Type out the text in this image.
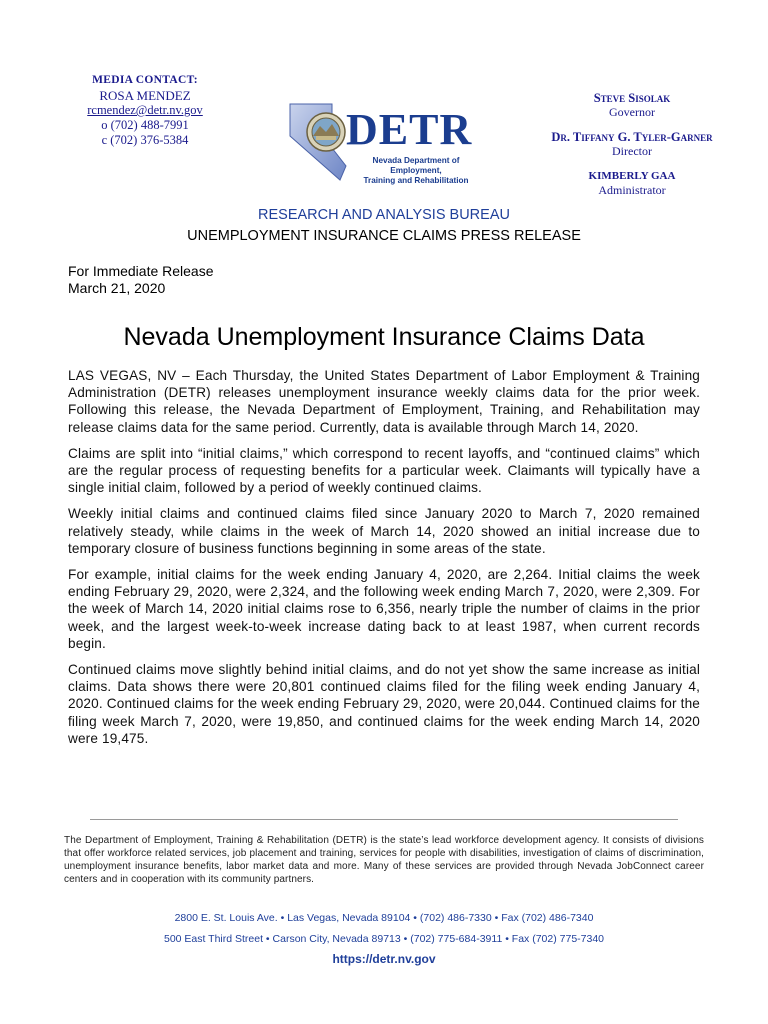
MEDIA CONTACT:
ROSA MENDEZ
rcmendez@detr.nv.gov
o (702) 488-7991
c (702) 376-5384	DETR
Nevada Department of Employment,
Training and Rehabilitation
Steve Sisolak
Governor
Dr. Tiffany G. Tyler-Garner
Director
KIMBERLY GAA
Administrator
RESEARCH AND ANALYSIS BUREAU
UNEMPLOYMENT INSURANCE CLAIMS PRESS RELEASE
For Immediate Release
March 21, 2020
Nevada Unemployment Insurance Claims Data

LAS VEGAS, NV – Each Thursday, the United States Department of Labor Employment & Training Administration (DETR) releases unemployment insurance weekly claims data for the prior week. Following this release, the Nevada Department of Employment, Training, and Rehabilitation may release claims data for the same period. Currently, data is available through March 14, 2020.

Claims are split into “initial claims,” which correspond to recent layoffs, and “continued claims” which are the regular process of requesting benefits for a particular week. Claimants will typically have a single initial claim, followed by a period of weekly continued claims.

Weekly initial claims and continued claims filed since January 2020 to March 7, 2020 remained relatively steady, while claims in the week of March 14, 2020 showed an initial increase due to temporary closure of business functions beginning in some areas of the state.

For example, initial claims for the week ending January 4, 2020, are 2,264. Initial claims the week ending February 29, 2020, were 2,324, and the following week ending March 7, 2020, were 2,309. For the week of March 14, 2020 initial claims rose to 6,356, nearly triple the number of claims in the prior week, and the largest week-to-week increase dating back to at least 1987, when current records begin.

Continued claims move slightly behind initial claims, and do not yet show the same increase as initial claims. Data shows there were 20,801 continued claims filed for the filing week ending January 4, 2020. Continued claims for the week ending February 29, 2020, were 20,044. Continued claims for the filing week March 7, 2020, were 19,850, and continued claims for the week ending March 14, 2020 were 19,475.

The Department of Employment, Training & Rehabilitation (DETR) is the state’s lead workforce development agency. It consists of divisions that offer workforce related services, job placement and training, services for people with disabilities, investigation of claims of discrimination, unemployment insurance benefits, labor market data and more. Many of these services are provided through Nevada JobConnect career centers and in cooperation with its community partners.
2800 E. St. Louis Ave. • Las Vegas, Nevada 89104 • (702) 486-7330 • Fax (702) 486-7340
500 East Third Street • Carson City, Nevada 89713 • (702) 775-684-3911 • Fax (702) 775-7340
https://detr.nv.gov
